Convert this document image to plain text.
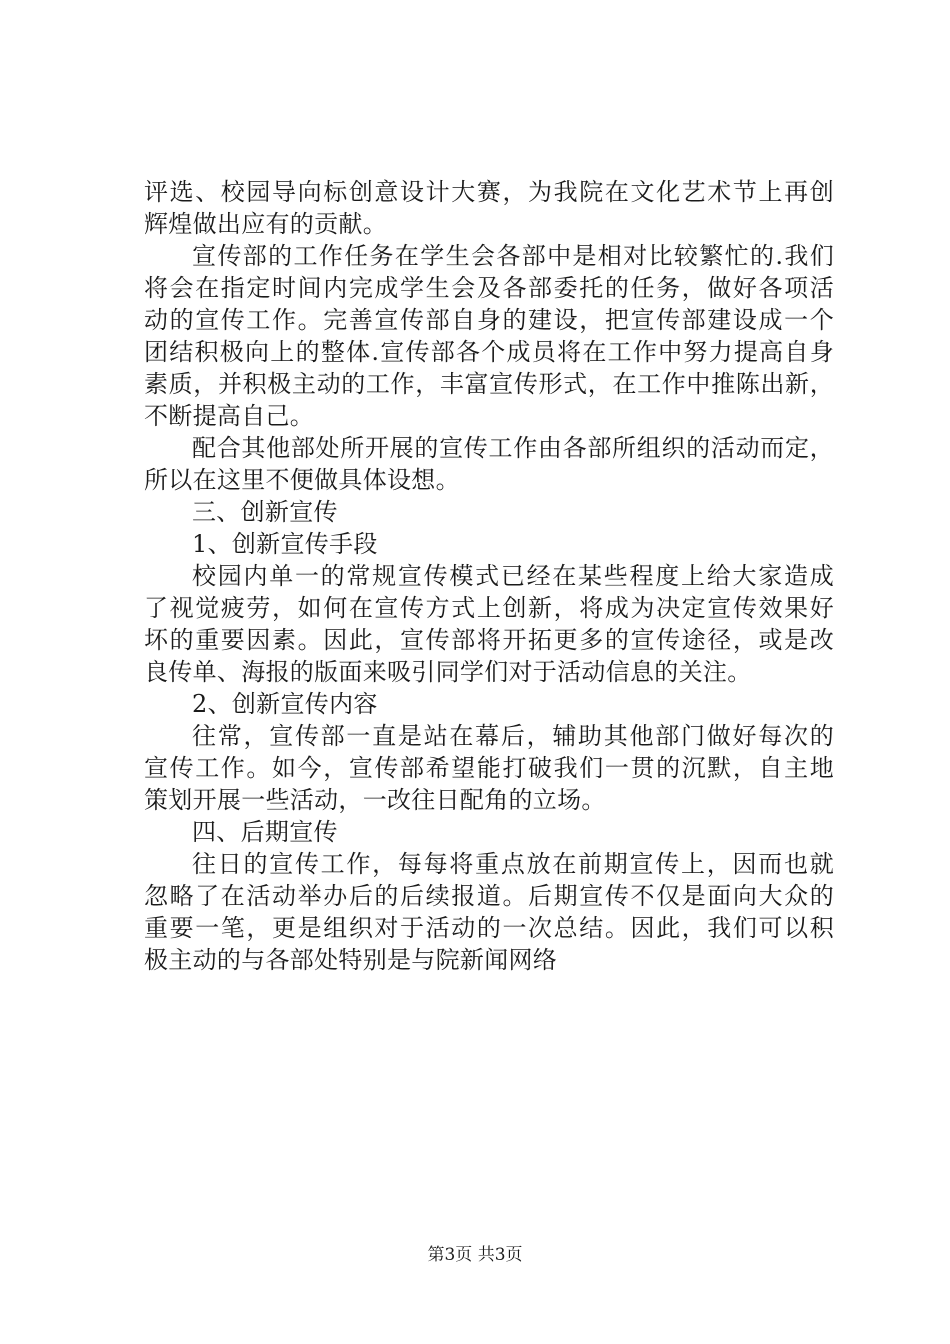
评选、校园导向标创意设计大赛，为我院在文化艺术节上再创
辉煌做出应有的贡献。
宣传部的工作任务在学生会各部中是相对比较繁忙的.我们
将会在指定时间内完成学生会及各部委托的任务，做好各项活
动的宣传工作。完善宣传部自身的建设，把宣传部建设成一个
团结积极向上的整体.宣传部各个成员将在工作中努力提高自身
素质，并积极主动的工作，丰富宣传形式，在工作中推陈出新，
不断提高自己。
配合其他部处所开展的宣传工作由各部所组织的活动而定，
所以在这里不便做具体设想。
三、创新宣传
1、创新宣传手段
校园内单一的常规宣传模式已经在某些程度上给大家造成
了视觉疲劳，如何在宣传方式上创新，将成为决定宣传效果好
坏的重要因素。因此，宣传部将开拓更多的宣传途径，或是改
良传单、海报的版面来吸引同学们对于活动信息的关注。
2、创新宣传内容
往常，宣传部一直是站在幕后，辅助其他部门做好每次的
宣传工作。如今，宣传部希望能打破我们一贯的沉默，自主地
策划开展一些活动，一改往日配角的立场。
四、后期宣传
往日的宣传工作，每每将重点放在前期宣传上，因而也就
忽略了在活动举办后的后续报道。后期宣传不仅是面向大众的
重要一笔，更是组织对于活动的一次总结。因此，我们可以积
极主动的与各部处特别是与院新闻网络
第3页 共3页
